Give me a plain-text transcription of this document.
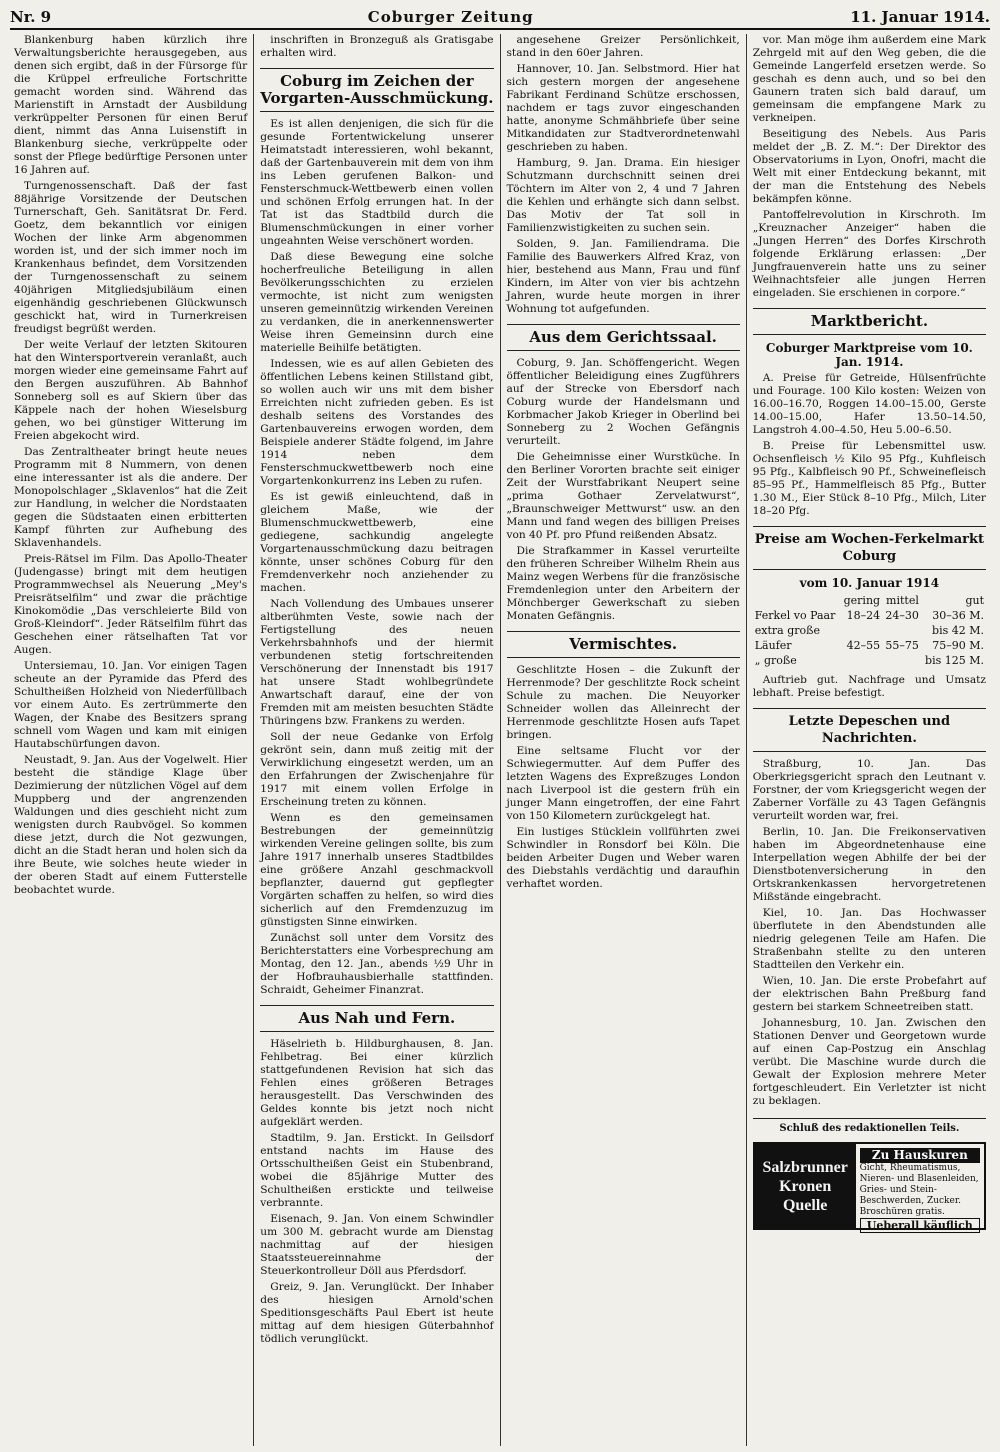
Nr. 9	Coburger Zeitung	11. Januar 1914.

Blankenburg haben kürzlich ihre Verwaltungsberichte herausgegeben, aus denen sich ergibt, daß in der Fürsorge für die Krüppel erfreuliche Fortschritte gemacht worden sind. Während das Marienstift in Arnstadt der Ausbildung verkrüppelter Personen für einen Beruf dient, nimmt das Anna Luisenstift in Blankenburg sieche, verkrüppelte oder sonst der Pflege bedürftige Personen unter 16 Jahren auf.

Turngenossenschaft. Daß der fast 88jährige Vorsitzende der Deutschen Turnerschaft, Geh. Sanitätsrat Dr. Ferd. Goetz, dem bekanntlich vor einigen Wochen der linke Arm abgenommen worden ist, und der sich immer noch im Krankenhaus befindet, dem Vorsitzenden der Turngenossenschaft zu seinem 40jährigen Mitgliedsjubiläum einen eigenhändig geschriebenen Glückwunsch geschickt hat, wird in Turnerkreisen freudigst begrüßt werden.

Der weite Verlauf der letzten Skitouren hat den Wintersportverein veranlaßt, auch morgen wieder eine gemeinsame Fahrt auf den Bergen auszuführen. Ab Bahnhof Sonneberg soll es auf Skiern über das Käppele nach der hohen Wieselsburg gehen, wo bei günstiger Witterung im Freien abgekocht wird.

Das Zentraltheater bringt heute neues Programm mit 8 Nummern, von denen eine interessanter ist als die andere. Der Monopolschlager „Sklavenlos“ hat die Zeit zur Handlung, in welcher die Nordstaaten gegen die Südstaaten einen erbitterten Kampf führten zur Aufhebung des Sklavenhandels.

Preis-Rätsel im Film. Das Apollo-Theater (Judengasse) bringt mit dem heutigen Programmwechsel als Neuerung „Mey's Preisrätselfilm“ und zwar die prächtige Kinokomödie „Das verschleierte Bild von Groß-Kleindorf“. Jeder Rätselfilm führt das Geschehen einer rätselhaften Tat vor Augen.

Untersiemau, 10. Jan. Vor einigen Tagen scheute an der Pyramide das Pferd des Schultheißen Holzheid von Niederfüllbach vor einem Auto. Es zertrümmerte den Wagen, der Knabe des Besitzers sprang schnell vom Wagen und kam mit einigen Hautabschürfungen davon.

Neustadt, 9. Jan. Aus der Vogelwelt. Hier besteht die ständige Klage über Dezimierung der nützlichen Vögel auf dem Muppberg und der angrenzenden Waldungen und dies geschieht nicht zum wenigsten durch Raubvögel. So kommen diese jetzt, durch die Not gezwungen, dicht an die Stadt heran und holen sich da ihre Beute, wie solches heute wieder in der oberen Stadt auf einem Futterstelle beobachtet wurde.

inschriften in Bronzeguß als Gratisgabe erhalten wird.

Coburg im Zeichen der Vorgarten-Ausschmückung.

Es ist allen denjenigen, die sich für die gesunde Fortentwickelung unserer Heimatstadt interessieren, wohl bekannt, daß der Gartenbauverein mit dem von ihm ins Leben gerufenen Balkon- und Fensterschmuck-Wettbewerb einen vollen und schönen Erfolg errungen hat. In der Tat ist das Stadtbild durch die Blumenschmückungen in einer vorher ungeahnten Weise verschönert worden.

Daß diese Bewegung eine solche hocherfreuliche Beteiligung in allen Bevölkerungsschichten zu erzielen vermochte, ist nicht zum wenigsten unseren gemeinnützig wirkenden Vereinen zu verdanken, die in anerkennenswerter Weise ihren Gemeinsinn durch eine materielle Beihilfe betätigten.

Indessen, wie es auf allen Gebieten des öffentlichen Lebens keinen Stillstand gibt, so wollen auch wir uns mit dem bisher Erreichten nicht zufrieden geben. Es ist deshalb seitens des Vorstandes des Gartenbauvereins erwogen worden, dem Beispiele anderer Städte folgend, im Jahre 1914 neben dem Fensterschmuckwettbewerb noch eine Vorgartenkonkurrenz ins Leben zu rufen.

Es ist gewiß einleuchtend, daß in gleichem Maße, wie der Blumenschmuckwettbewerb, eine gediegene, sachkundig angelegte Vorgartenausschmückung dazu beitragen könnte, unser schönes Coburg für den Fremdenverkehr noch anziehender zu machen.

Nach Vollendung des Umbaues unserer altberühmten Veste, sowie nach der Fertigstellung des neuen Verkehrsbahnhofs und der hiermit verbundenen stetig fortschreitenden Verschönerung der Innenstadt bis 1917 hat unsere Stadt wohlbegründete Anwartschaft darauf, eine der von Fremden mit am meisten besuchten Städte Thüringens bzw. Frankens zu werden.

Soll der neue Gedanke von Erfolg gekrönt sein, dann muß zeitig mit der Verwirklichung eingesetzt werden, um an den Erfahrungen der Zwischenjahre für 1917 mit einem vollen Erfolge in Erscheinung treten zu können.

Wenn es den gemeinsamen Bestrebungen der gemeinnützig wirkenden Vereine gelingen sollte, bis zum Jahre 1917 innerhalb unseres Stadtbildes eine größere Anzahl geschmackvoll bepflanzter, dauernd gut gepflegter Vorgärten schaffen zu helfen, so wird dies sicherlich auf den Fremdenzuzug im günstigsten Sinne einwirken.

Zunächst soll unter dem Vorsitz des Berichterstatters eine Vorbesprechung am Montag, den 12. Jan., abends ½9 Uhr in der Hofbrauhausbierhalle stattfinden. Schraidt, Geheimer Finanzrat.

Aus Nah und Fern.

Häselrieth b. Hildburghausen, 8. Jan. Fehlbetrag. Bei einer kürzlich stattgefundenen Revision hat sich das Fehlen eines größeren Betrages herausgestellt. Das Verschwinden des Geldes konnte bis jetzt noch nicht aufgeklärt werden.

Stadtilm, 9. Jan. Erstickt. In Geilsdorf entstand nachts im Hause des Ortsschultheißen Geist ein Stubenbrand, wobei die 85jährige Mutter des Schultheißen erstickte und teilweise verbrannte.

Eisenach, 9. Jan. Von einem Schwindler um 300 M. gebracht wurde am Dienstag nachmittag auf der hiesigen Staatssteuereinnahme der Steuerkontrolleur Döll aus Pferdsdorf.

Greiz, 9. Jan. Verunglückt. Der Inhaber des hiesigen Arnold'schen Speditionsgeschäfts Paul Ebert ist heute mittag auf dem hiesigen Güterbahnhof tödlich verunglückt.

angesehene Greizer Persönlichkeit, stand in den 60er Jahren.

Hannover, 10. Jan. Selbstmord. Hier hat sich gestern morgen der angesehene Fabrikant Ferdinand Schütze erschossen, nachdem er tags zuvor eingeschanden hatte, anonyme Schmähbriefe über seine Mitkandidaten zur Stadtverordnetenwahl geschrieben zu haben.

Hamburg, 9. Jan. Drama. Ein hiesiger Schutzmann durchschnitt seinen drei Töchtern im Alter von 2, 4 und 7 Jahren die Kehlen und erhängte sich dann selbst. Das Motiv der Tat soll in Familienzwistigkeiten zu suchen sein.

Solden, 9. Jan. Familiendrama. Die Familie des Bauwerkers Alfred Kraz, von hier, bestehend aus Mann, Frau und fünf Kindern, im Alter von vier bis achtzehn Jahren, wurde heute morgen in ihrer Wohnung tot aufgefunden.

Aus dem Gerichtssaal.

Coburg, 9. Jan. Schöffengericht. Wegen öffentlicher Beleidigung eines Zugführers auf der Strecke von Ebersdorf nach Coburg wurde der Handelsmann und Korbmacher Jakob Krieger in Oberlind bei Sonneberg zu 2 Wochen Gefängnis verurteilt.

Die Geheimnisse einer Wurstküche. In den Berliner Vororten brachte seit einiger Zeit der Wurstfabrikant Neupert seine „prima Gothaer Zervelatwurst“, „Braunschweiger Mettwurst“ usw. an den Mann und fand wegen des billigen Preises von 40 Pf. pro Pfund reißenden Absatz.

Die Strafkammer in Kassel verurteilte den früheren Schreiber Wilhelm Rhein aus Mainz wegen Werbens für die französische Fremdenlegion unter den Arbeitern der Mönchberger Gewerkschaft zu sieben Monaten Gefängnis.

Vermischtes.

Geschlitzte Hosen – die Zukunft der Herrenmode? Der geschlitzte Rock scheint Schule zu machen. Die Neuyorker Schneider wollen das Alleinrecht der Herrenmode geschlitzte Hosen aufs Tapet bringen.

Eine seltsame Flucht vor der Schwiegermutter. Auf dem Puffer des letzten Wagens des Expreßzuges London nach Liverpool ist die gestern früh ein junger Mann eingetroffen, der eine Fahrt von 150 Kilometern zurückgelegt hat.

Ein lustiges Stücklein vollführten zwei Schwindler in Ronsdorf bei Köln. Die beiden Arbeiter Dugen und Weber waren des Diebstahls verdächtig und daraufhin verhaftet worden.

vor. Man möge ihm außerdem eine Mark Zehrgeld mit auf den Weg geben, die die Gemeinde Langerfeld ersetzen werde. So geschah es denn auch, und so bei den Gaunern traten sich bald darauf, um gemeinsam die empfangene Mark zu verkneipen.

Beseitigung des Nebels. Aus Paris meldet der „B. Z. M.“: Der Direktor des Observatoriums in Lyon, Onofri, macht die Welt mit einer Entdeckung bekannt, mit der man die Entstehung des Nebels bekämpfen könne.

Pantoffelrevolution in Kirschroth. Im „Kreuznacher Anzeiger“ haben die „Jungen Herren“ des Dorfes Kirschroth folgende Erklärung erlassen: „Der Jungfrauenverein hatte uns zu seiner Weihnachtsfeier alle jungen Herren eingeladen. Sie erschienen in corpore.“

Marktbericht.
Coburger Marktpreise vom 10. Jan. 1914.

A. Preise für Getreide, Hülsenfrüchte und Fourage. 100 Kilo kosten: Weizen von 16.00–16.70, Roggen 14.00–15.00, Gerste 14.00–15.00, Hafer 13.50–14.50, Langstroh 4.00–4.50, Heu 5.00–6.50.

B. Preise für Lebensmittel usw. Ochsenfleisch ½ Kilo 95 Pfg., Kuhfleisch 95 Pfg., Kalbfleisch 90 Pf., Schweinefleisch 85–95 Pf., Hammelfleisch 85 Pfg., Butter 1.30 M., Eier Stück 8–10 Pfg., Milch, Liter 18–20 Pfg.

Preise am Wochen-Ferkelmarkt Coburg
vom 10. Januar 1914
	gering	mittel	gut
Ferkel vo Paar	18–24	24–30	30–36 M.
extra große			bis 42 M.
Läufer	42–55	55–75	75–90 M.
„ große			bis 125 M.

Auftrieb gut. Nachfrage und Umsatz lebhaft. Preise befestigt.

Letzte Depeschen und Nachrichten.

Straßburg, 10. Jan. Das Oberkriegsgericht sprach den Leutnant v. Forstner, der vom Kriegsgericht wegen der Zaberner Vorfälle zu 43 Tagen Gefängnis verurteilt worden war, frei.

Berlin, 10. Jan. Die Freikonservativen haben im Abgeordnetenhause eine Interpellation wegen Abhilfe der bei der Dienstbotenversicherung in den Ortskrankenkassen hervorgetretenen Mißstände eingebracht.

Kiel, 10. Jan. Das Hochwasser überflutete in den Abendstunden alle niedrig gelegenen Teile am Hafen. Die Straßenbahn stellte zu den unteren Stadtteilen den Verkehr ein.

Wien, 10. Jan. Die erste Probefahrt auf der elektrischen Bahn Preßburg fand gestern bei starkem Schneetreiben statt.

Johannesburg, 10. Jan. Zwischen den Stationen Denver und Georgetown wurde auf einen Cap-Postzug ein Anschlag verübt. Die Maschine wurde durch die Gewalt der Explosion mehrere Meter fortgeschleudert. Ein Verletzter ist nicht zu beklagen.

Schluß des redaktionellen Teils.
Salzbrunner
Kronen
Quelle
Zu Hauskuren
Gicht, Rheumatismus, Nieren- und Blasenleiden, Gries- und Stein-Beschwerden, Zucker. Broschüren gratis.
Ueberall käuflich
